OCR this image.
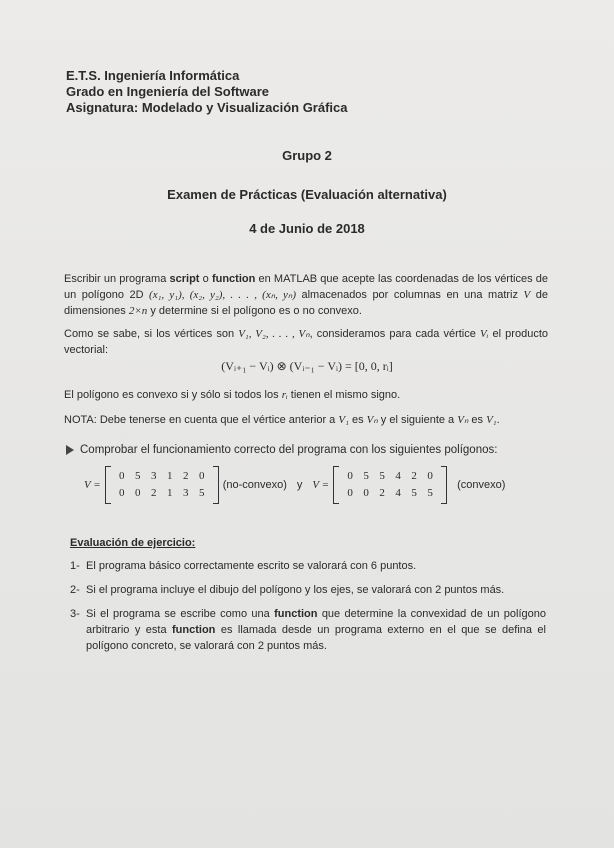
E.T.S. Ingeniería Informática
Grado en Ingeniería del Software
Asignatura: Modelado y Visualización Gráfica
Grupo 2
Examen de Prácticas (Evaluación alternativa)
4 de Junio de 2018
Escribir un programa script o function en MATLAB que acepte las coordenadas de los vértices de un polígono 2D (x₁, y₁), (x₂, y₂), . . . , (xₙ, yₙ) almacenados por columnas en una matriz V de dimensiones 2×n y determine si el polígono es o no convexo.
Como se sabe, si los vértices son V₁, V₂, . . . , Vₙ, consideramos para cada vértice Vᵢ el producto vectorial:
(Vᵢ₊₁ − Vᵢ) ⊗ (Vᵢ₋₁ − Vᵢ) = [0, 0, rᵢ]
El polígono es convexo si y sólo si todos los rᵢ tienen el mismo signo.
NOTA: Debe tenerse en cuenta que el vértice anterior a V₁ es Vₙ y el siguiente a Vₙ es V₁.
Comprobar el funcionamiento correcto del programa con los siguientes polígonos:
V =
0 5 3 1 2 0
0 0 2 1 3 5
(no-convexo) y V =
0 5 5 4 2 0
0 0 2 4 5 5
(convexo)
Evaluación de ejercicio:
1- El programa básico correctamente escrito se valorará con 6 puntos.
2- Si el programa incluye el dibujo del polígono y los ejes, se valorará con 2 puntos más.
3- Si el programa se escribe como una function que determine la convexidad de un polígono arbitrario y esta function es llamada desde un programa externo en el que se defina el polígono concreto, se valorará con 2 puntos más.
